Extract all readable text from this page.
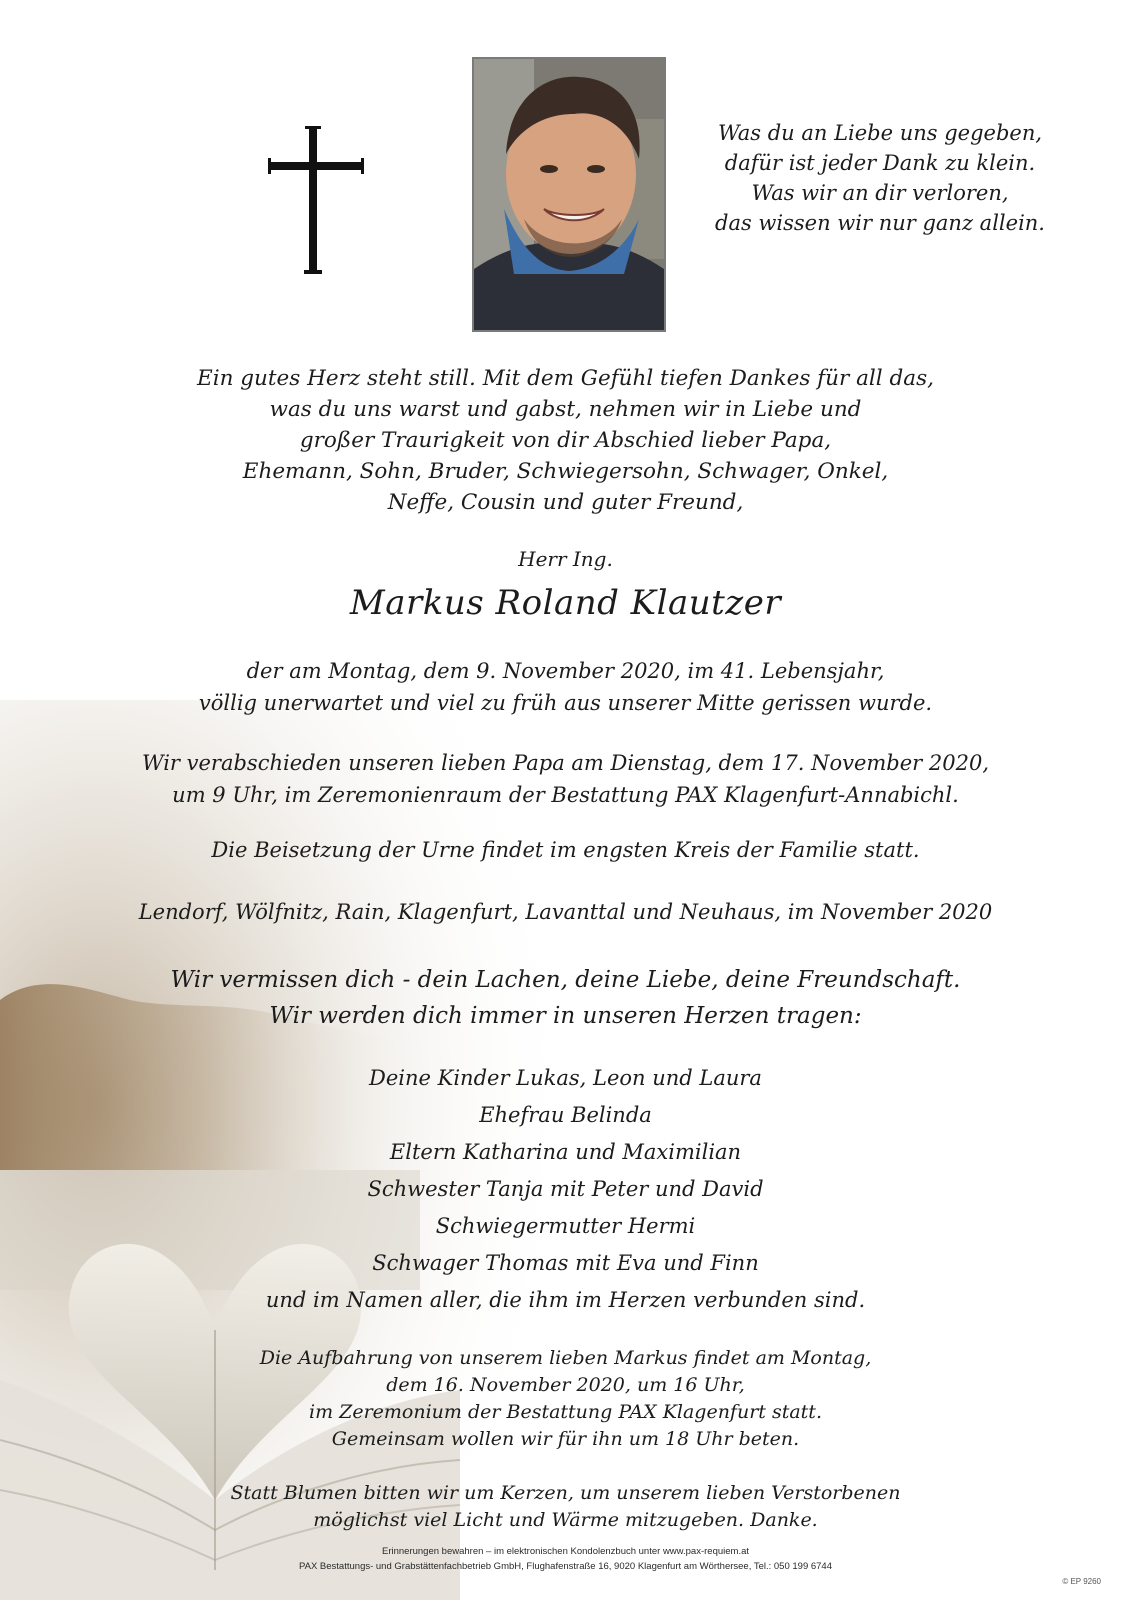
Was du an Liebe uns gegeben,
dafür ist jeder Dank zu klein.
Was wir an dir verloren,
das wissen wir nur ganz allein.
Ein gutes Herz steht still. Mit dem Gefühl tiefen Dankes für all das,
was du uns warst und gabst, nehmen wir in Liebe und
großer Traurigkeit von dir Abschied lieber Papa,
Ehemann, Sohn, Bruder, Schwiegersohn, Schwager, Onkel,
Neffe, Cousin und guter Freund,
Herr Ing.
Markus Roland Klautzer
der am Montag, dem 9. November 2020, im 41. Lebensjahr,
völlig unerwartet und viel zu früh aus unserer Mitte gerissen wurde.
Wir verabschieden unseren lieben Papa am Dienstag, dem 17. November 2020,
um 9 Uhr, im Zeremonienraum der Bestattung PAX Klagenfurt-Annabichl.
Die Beisetzung der Urne findet im engsten Kreis der Familie statt.
Lendorf, Wölfnitz, Rain, Klagenfurt, Lavanttal und Neuhaus, im November 2020
Wir vermissen dich - dein Lachen, deine Liebe, deine Freundschaft.
Wir werden dich immer in unseren Herzen tragen:
Deine Kinder Lukas, Leon und Laura
Ehefrau Belinda
Eltern Katharina und Maximilian
Schwester Tanja mit Peter und David
Schwiegermutter Hermi
Schwager Thomas mit Eva und Finn
und im Namen aller, die ihm im Herzen verbunden sind.
Die Aufbahrung von unserem lieben Markus findet am Montag,
dem 16. November 2020, um 16 Uhr,
im Zeremonium der Bestattung PAX Klagenfurt statt.
Gemeinsam wollen wir für ihn um 18 Uhr beten.
Statt Blumen bitten wir um Kerzen, um unserem lieben Verstorbenen
möglichst viel Licht und Wärme mitzugeben. Danke.
Erinnerungen bewahren – im elektronischen Kondolenzbuch unter www.pax-requiem.at
PAX Bestattungs- und Grabstättenfachbetrieb GmbH, Flughafenstraße 16, 9020 Klagenfurt am Wörthersee, Tel.: 050 199 6744
© EP 9260
